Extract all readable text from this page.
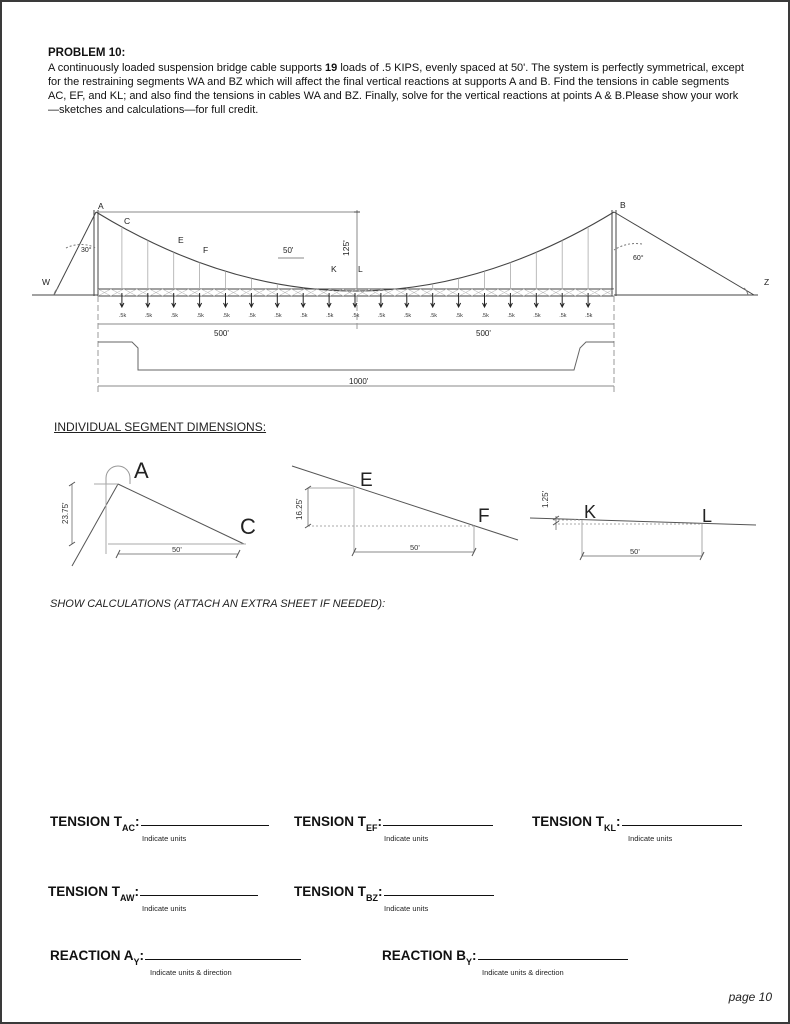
PROBLEM 10:
A continuously loaded suspension bridge cable supports 19 loads of .5 KIPS, evenly spaced at 50'. The system is perfectly symmetrical, except for the restraining segments WA and BZ which will affect the final vertical reactions at supports A and B. Find the tensions in cable segments AC, EF, and KL; and also find the tensions in cables WA and BZ. Finally, solve for the vertical reactions at points A & B.Please show your work—sketches and calculations—for full credit.
A
C
E
F
K	L
B
W	Z
30°
60°
50'	125'
500'	500'
1000'
.5k	.5k	.5k	.5k	.5k	.5k	.5k	.5k	.5k	.5k	.5k	.5k	.5k	.5k	.5k	.5k	.5k	.5k	.5k
INDIVIDUAL SEGMENT DIMENSIONS:
A
C
50'
23.75'
E
F
50'
16.25'	K	L
50'
1.25'
SHOW CALCULATIONS (ATTACH AN EXTRA SHEET IF NEEDED):
TENSION $T_{AC}$:
Indicate units
TENSION $T_{EF}$:
Indicate units
TENSION $T_{KL}$:
Indicate units
TENSION $T_{AW}$:
Indicate units
TENSION $T_{BZ}$:
Indicate units
REACTION $A_Y$:
Indicate units & direction
REACTION $B_Y$:
Indicate units & direction
page 10
